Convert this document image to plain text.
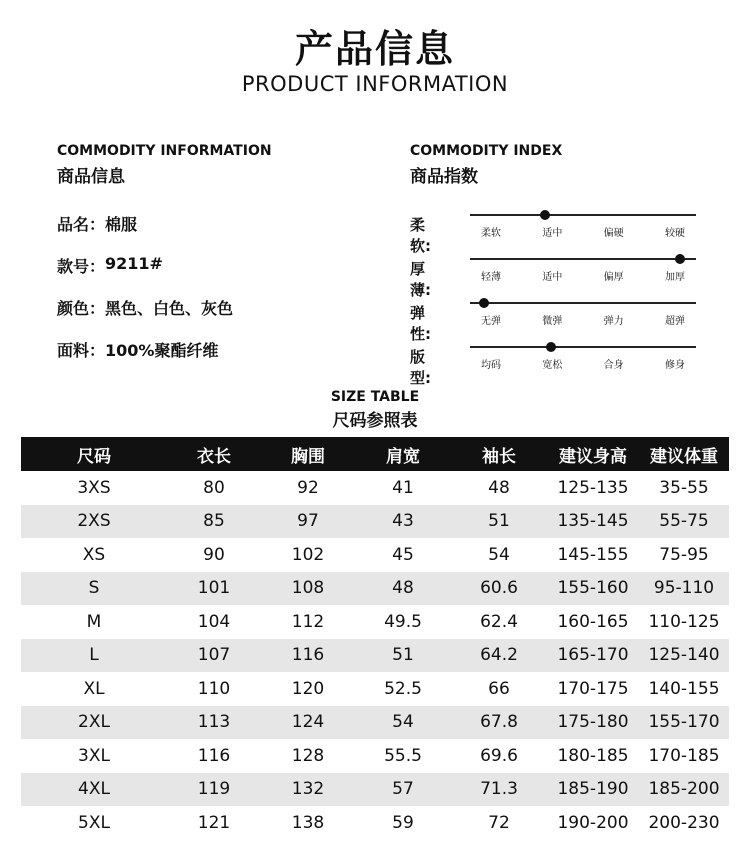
产品信息
PRODUCT INFORMATION
COMMODITY INFORMATION
商品信息
COMMODITY INDEX
商品指数
品名： 棉服
款号： 9211#
颜色： 黑色、白色、灰色
面料： 100%聚酯纤维
柔软:
柔软	适中	偏硬	较硬
厚薄:
轻薄	适中	偏厚	加厚
弹性:
无弹	微弹	弹力	超弹
版型:
均码	宽松	合身	修身
SIZE TABLE
尺码参照表
尺码	衣长	胸围	肩宽	袖长	建议身高	建议体重
3XS	80	92	41	48	125-135	35-55
2XS	85	97	43	51	135-145	55-75
XS	90	102	45	54	145-155	75-95
S	101	108	48	60.6	155-160	95-110
M	104	112	49.5	62.4	160-165	110-125
L	107	116	51	64.2	165-170	125-140
XL	110	120	52.5	66	170-175	140-155
2XL	113	124	54	67.8	175-180	155-170
3XL	116	128	55.5	69.6	180-185	170-185
4XL	119	132	57	71.3	185-190	185-200
5XL	121	138	59	72	190-200	200-230
